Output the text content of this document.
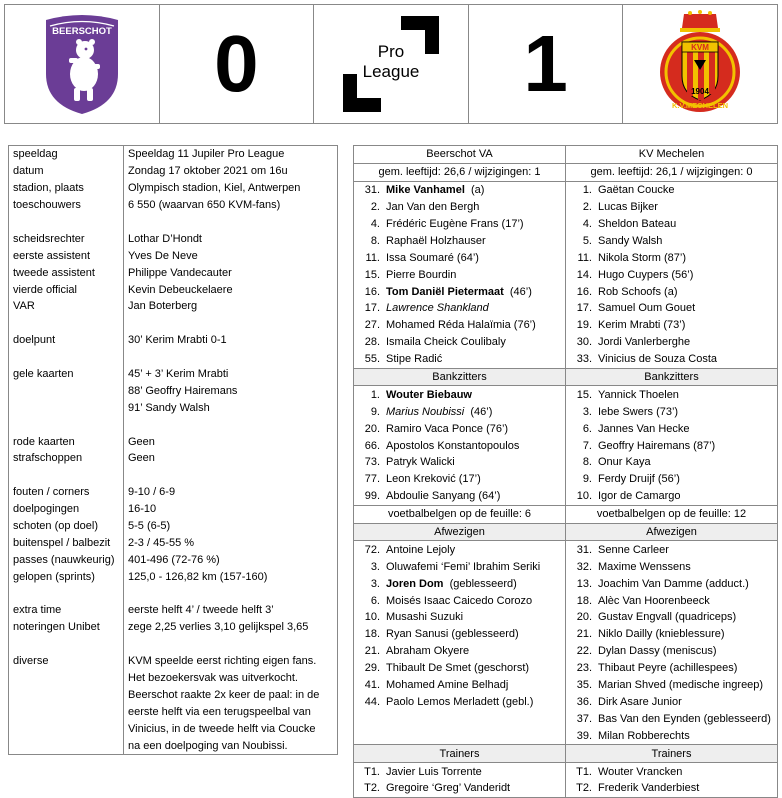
BEERSCHOT 0	Pro
League 1	KVM
1904
K.V.MECHELEN
speeldag	Speeldag 11 Jupiler Pro League
datum	Zondag 17 oktober 2021 om 16u
stadion, plaats	Olympisch stadion, Kiel, Antwerpen
toeschouwers	6 550 (waarvan 650 KVM-fans)

scheidsrechter	Lothar D’Hondt
eerste assistent	Yves De Neve
tweede assistent	Philippe Vandecauter
vierde official	Kevin Debeuckelaere
VAR	Jan Boterberg

doelpunt	30’ Kerim Mrabti 0-1

gele kaarten	45’ + 3’ Kerim Mrabti
	88’ Geoffry Hairemans
	91’ Sandy Walsh

rode kaarten	Geen
strafschoppen	Geen

fouten / corners	9-10 / 6-9
doelpogingen	16-10
schoten (op doel)	5-5 (6-5)
buitenspel / balbezit	2-3 / 45-55 %
passes (nauwkeurig)	401-496 (72-76 %)
gelopen (sprints)	125,0 - 126,82 km (157-160)

extra time	eerste helft 4’ / tweede helft 3’
noteringen Unibet	zege 2,25 verlies 3,10 gelijkspel 3,65

diverse	KVM speelde eerst richting eigen fans.
	Het bezoekersvak was uitverkocht.
	Beerschot raakte 2x keer de paal: in de
	eerste helft via een terugspeelbal van
	Vinicius, in de tweede helft via Coucke
	na een doelpoging van Noubissi.
Beerschot VA	KV Mechelen
gem. leeftijd: 26,6 / wijzigingen: 1	gem. leeftijd: 26,1 / wijzigingen: 0
31. Mike Vanhamel  (a)	1. Gaëtan Coucke
2. Jan Van den Bergh	2. Lucas Bijker
4. Frédéric Eugène Frans (17’)	4. Sheldon Bateau
8. Raphaël Holzhauser	5. Sandy Walsh
11. Issa Soumaré (64’)	11. Nikola Storm (87’)
15. Pierre Bourdin	14. Hugo Cuypers (56’)
16. Tom Daniël Pietermaat  (46’)	16. Rob Schoofs (a)
17. Lawrence Shankland	17. Samuel Oum Gouet
27. Mohamed Réda Halaïmia (76’)	19. Kerim Mrabti (73’)
28. Ismaila Cheick Coulibaly	30. Jordi Vanlerberghe
55. Stipe Radić	33. Vinicius de Souza Costa
Bankzitters	Bankzitters
1. Wouter Biebauw	15. Yannick Thoelen
9. Marius Noubissi  (46’)	3. Iebe Swers (73’)
20. Ramiro Vaca Ponce (76’)	6. Jannes Van Hecke
66. Apostolos Konstantopoulos	7. Geoffry Hairemans (87’)
73. Patryk Walicki	8. Onur Kaya
77. Leon Kreković (17’)	9. Ferdy Druijf (56’)
99. Abdoulie Sanyang (64’)	10. Igor de Camargo
voetbalbelgen op de feuille: 6	voetbalbelgen op de feuille: 12
Afwezigen	Afwezigen
72. Antoine Lejoly	31. Senne Carleer
3. Oluwafemi ‘Femi’ Ibrahim Seriki	32. Maxime Wenssens
3. Joren Dom  (geblesseerd)	13. Joachim Van Damme (adduct.)
6. Moisés Isaac Caicedo Corozo	18. Alèc Van Hoorenbeeck
10. Musashi Suzuki	20. Gustav Engvall (quadriceps)
18. Ryan Sanusi (geblesseerd)	21. Niklo Dailly (knieblessure)
21. Abraham Okyere	22. Dylan Dassy (meniscus)
29. Thibault De Smet (geschorst)	23. Thibaut Peyre (achillespees)
41. Mohamed Amine Belhadj	35. Marian Shved (medische ingreep)
44. Paolo Lemos Merladett (gebl.)	36. Dirk Asare Junior
	37. Bas Van den Eynden (geblesseerd)
	39. Milan Robberechts
Trainers	Trainers
T1. Javier Luis Torrente	T1. Wouter Vrancken
T2. Gregoire ‘Greg’ Vanderidt	T2. Frederik Vanderbiest
